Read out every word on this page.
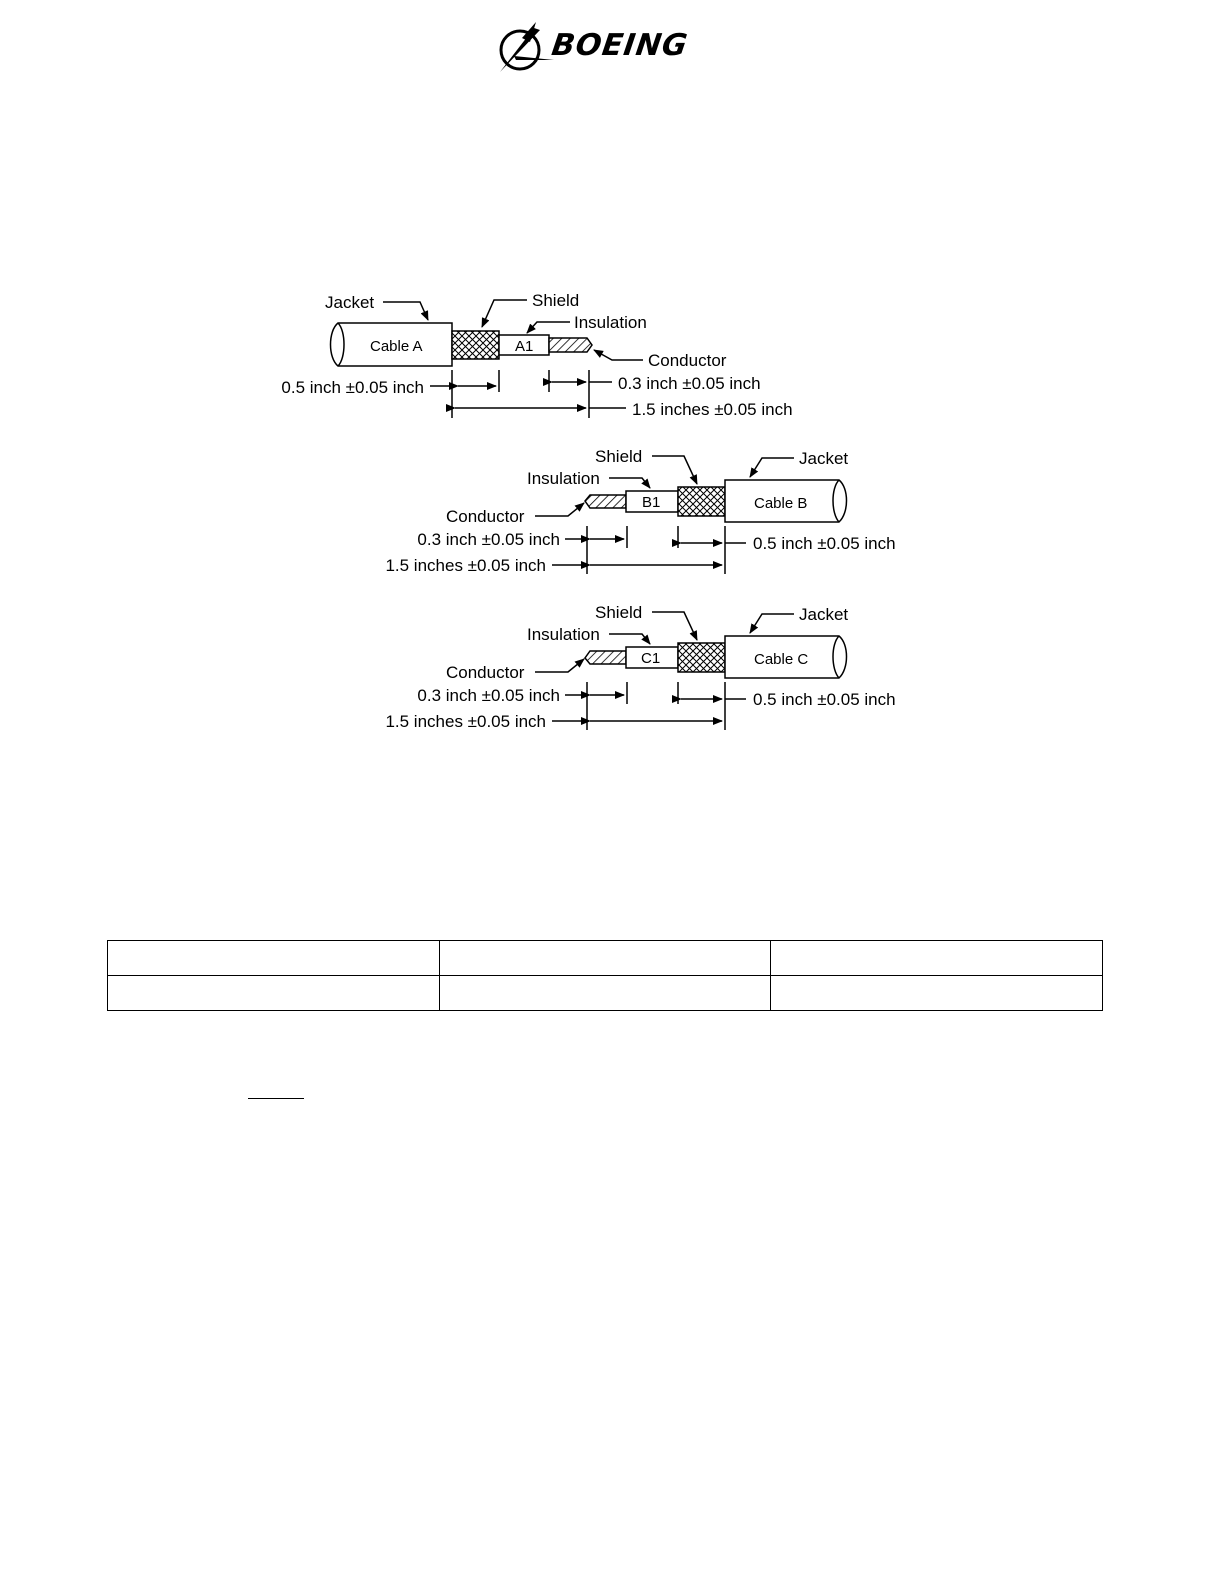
BOEING
Jacket	Shield
Insulation
Conductor
Cable A	A1
0.5 inch ±0.05 inch	0.3 inch ±0.05 inch
1.5 inches ±0.05 inch
Shield
Insulation
Jacket
Conductor
Cable B
B1
0.3 inch ±0.05 inch
1.5 inches ±0.05 inch
0.5 inch ±0.05 inch
Shield
Insulation
Jacket
Conductor
Cable C
C1
0.3 inch ±0.05 inch
1.5 inches ±0.05 inch
0.5 inch ±0.05 inch
